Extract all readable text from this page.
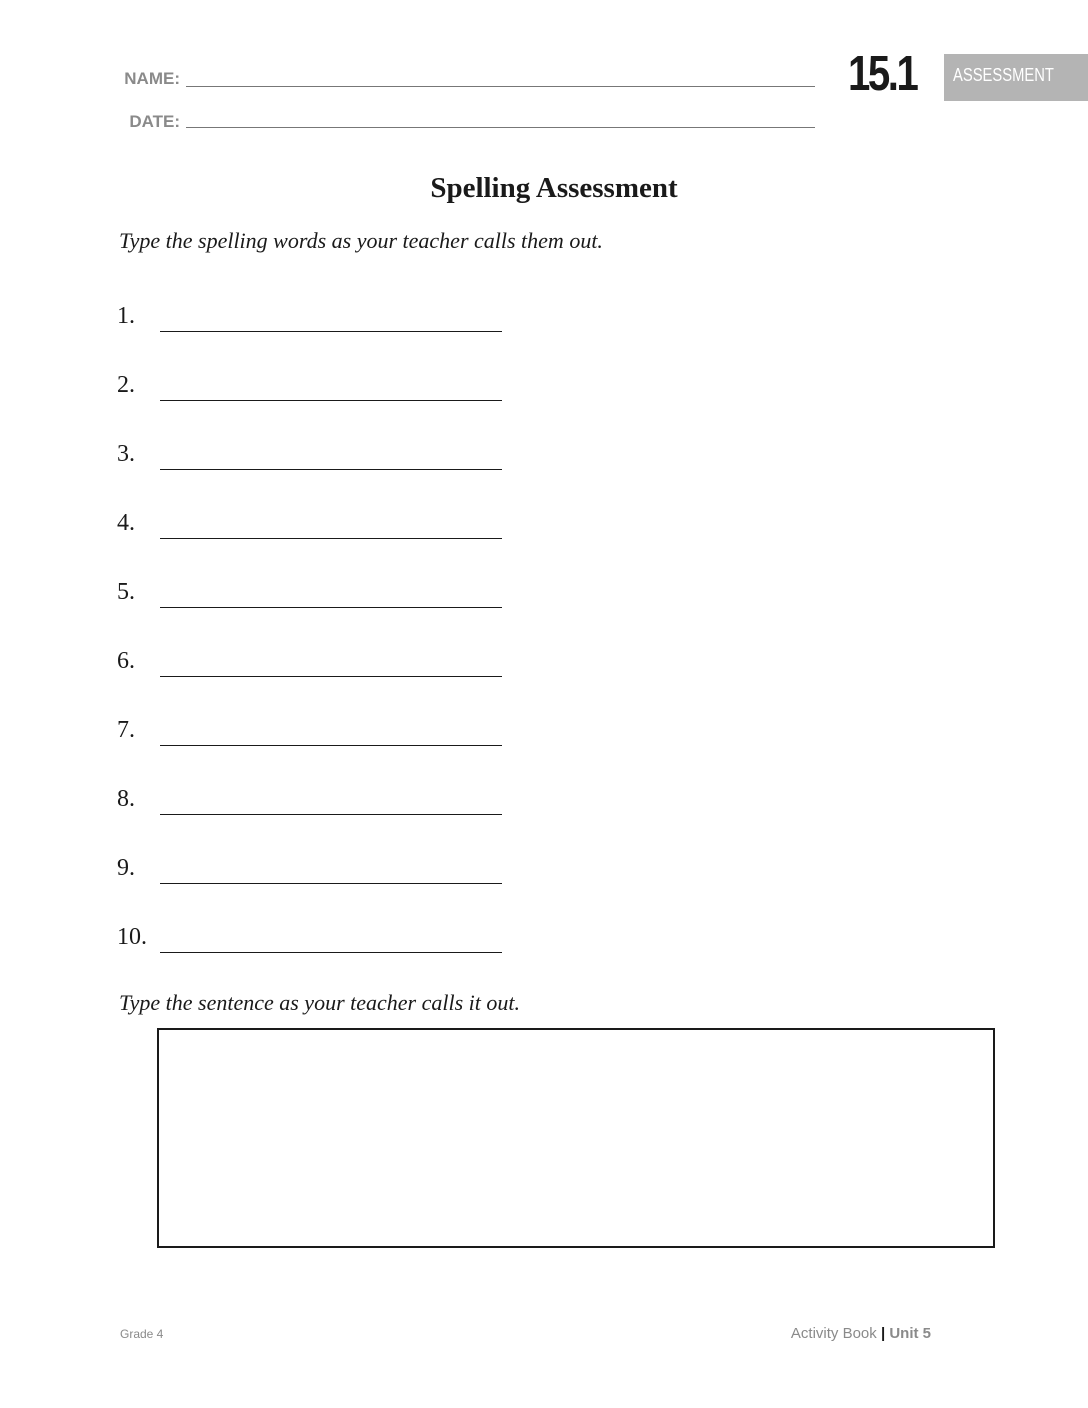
NAME:
DATE:
15.1 ASSESSMENT
Spelling Assessment
Type the spelling words as your teacher calls them out.
1.
2.
3.
4.
5.
6.
7.
8.
9.
10.
Type the sentence as your teacher calls it out.
Grade 4	Activity Book | Unit 5
